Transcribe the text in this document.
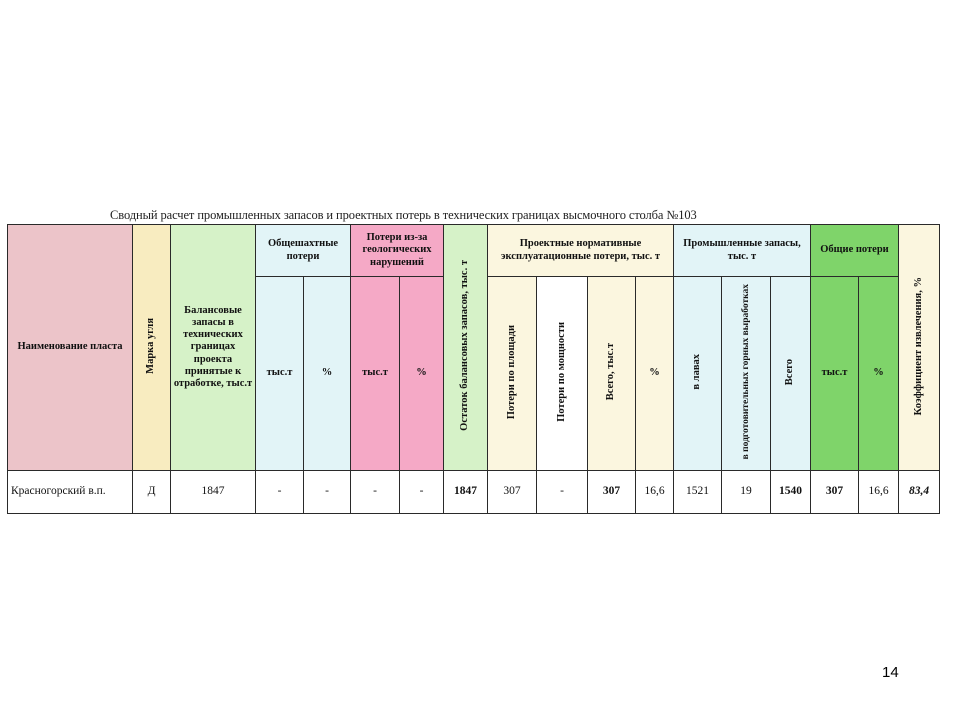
Сводный расчет промышленных запасов и проектных потерь в технических границах высмочного столба №103
Наименование пласта	Марка угля	Балансовые запасы в технических границах проекта принятые к отработке, тыс.т	Общешахтные потери		Потери из-за геологических нарушений		Остаток балансовых запасов, тыс. т	Проектные нормативные эксплуатационные потери, тыс. т				Промышленные запасы, тыс. т			Общие потери		Коэффициент извлечения, %
			тыс.т	%	тыс.т	%		Потери по площади	Потери по мощности	Всего, тыс.т	%	в лавах	в подготовительных горных выработках	Всего	тыс.т	%	
Красногорский в.п.	Д	1847	-	-	-	-	1847	307	-	307	16,6	1521	19	1540	307	16,6	83,4
14
